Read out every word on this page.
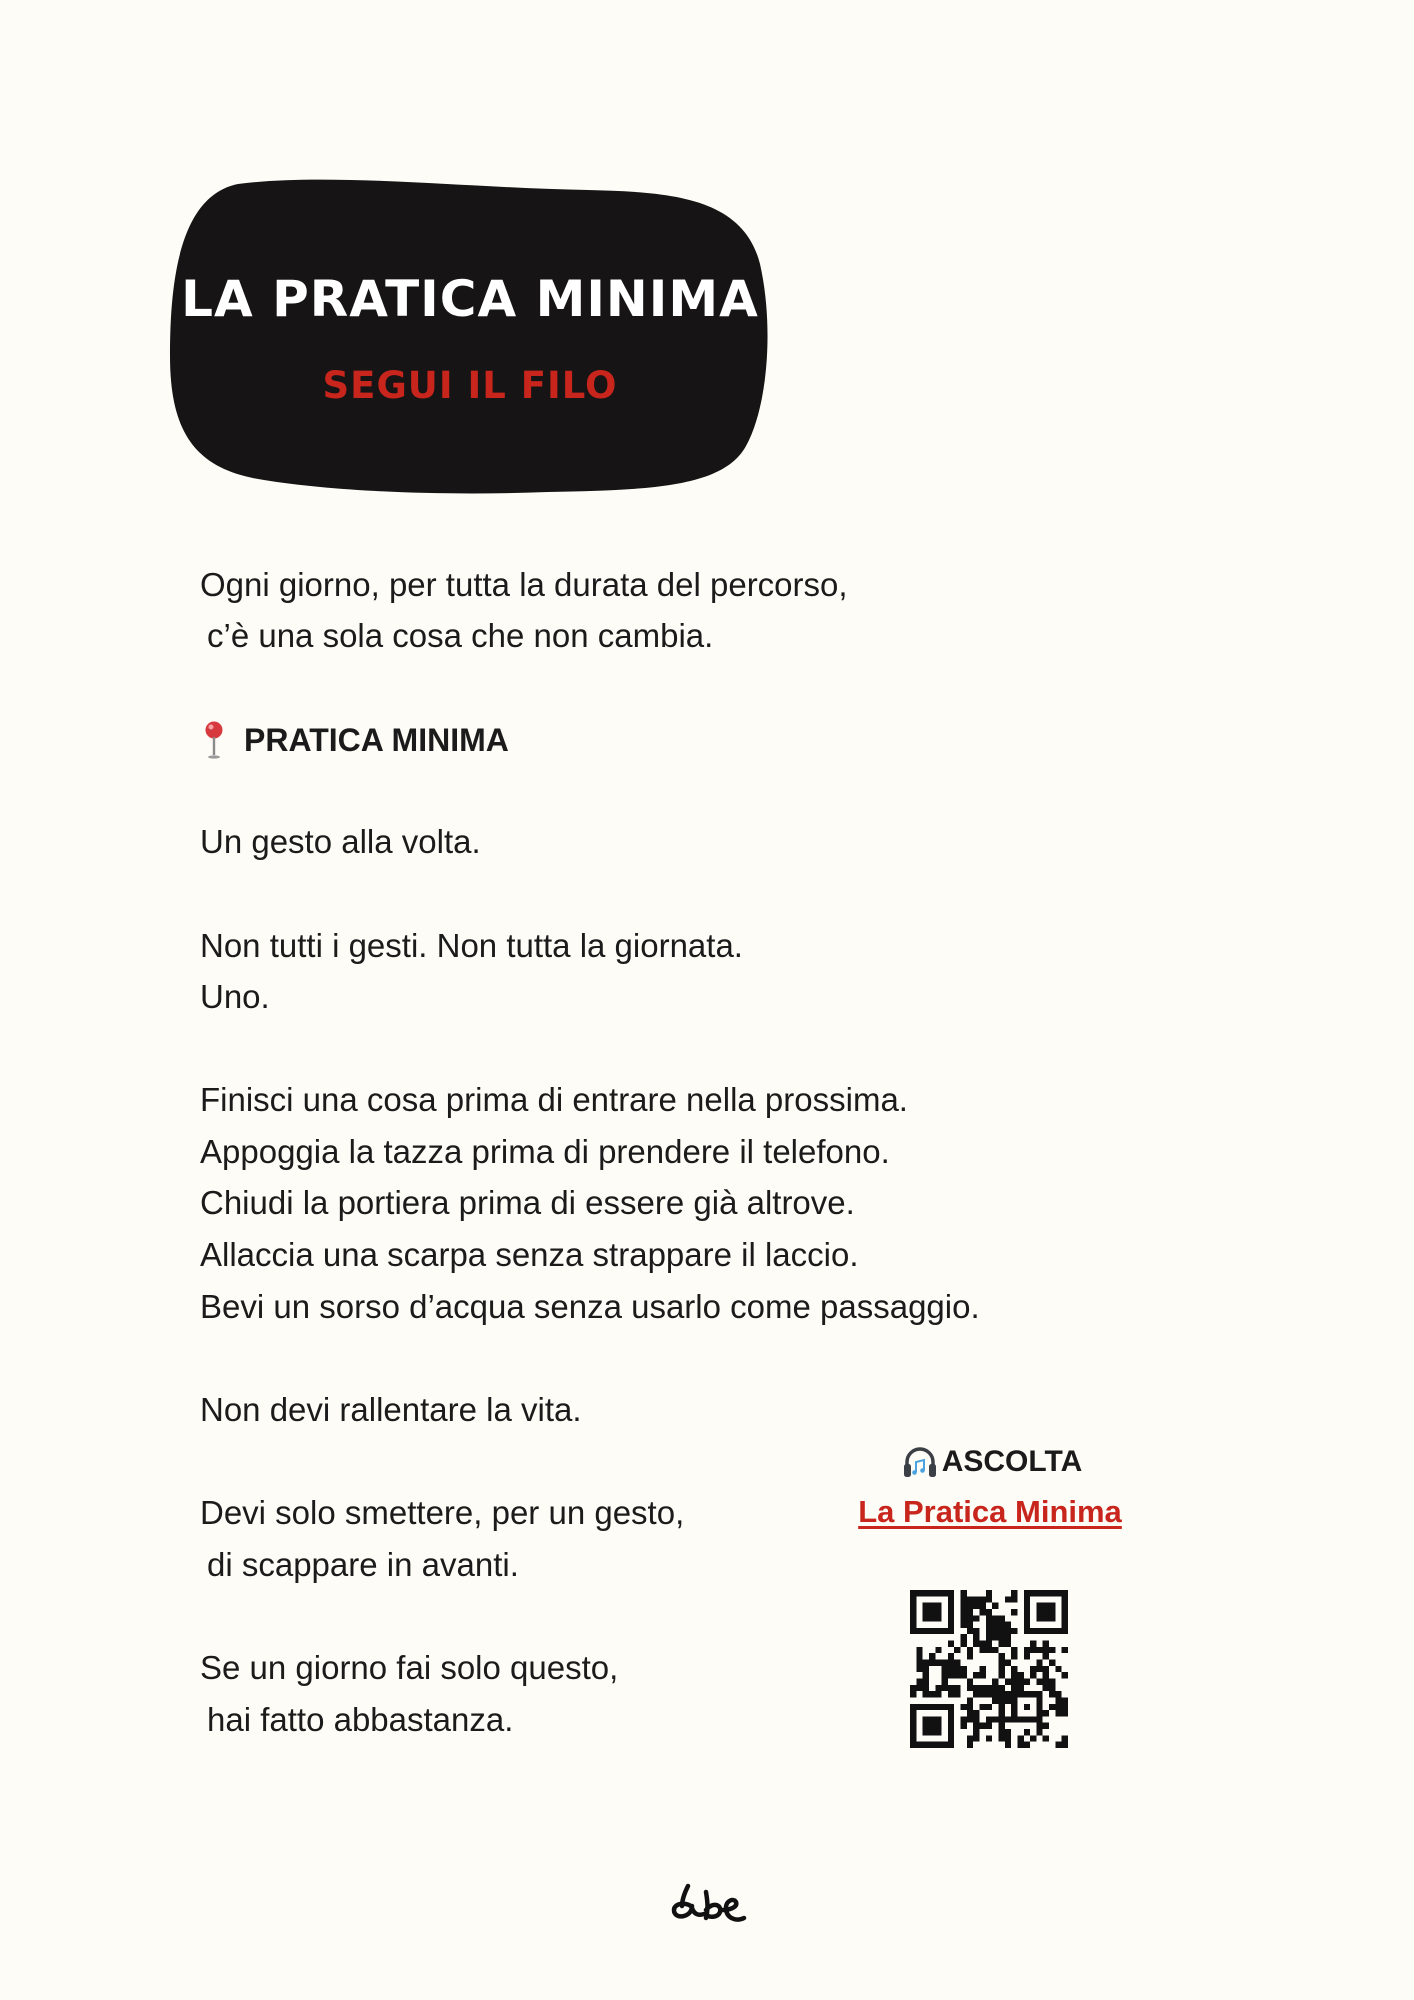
LA PRATICA MINIMA
SEGUI IL FILO

Ogni giorno, per tutta la durata del percorso,

c’è una sola cosa che non cambia.

PRATICA MINIMA

Un gesto alla volta.

Non tutti i gesti. Non tutta la giornata.

Uno.

Finisci una cosa prima di entrare nella prossima.

Appoggia la tazza prima di prendere il telefono.

Chiudi la portiera prima di essere già altrove.

Allaccia una scarpa senza strappare il laccio.

Bevi un sorso d’acqua senza usarlo come passaggio.

Non devi rallentare la vita.

Devi solo smettere, per un gesto,

di scappare in avanti.

Se un giorno fai solo questo,

hai fatto abbastanza.

ASCOLTA
La Pratica Minima
